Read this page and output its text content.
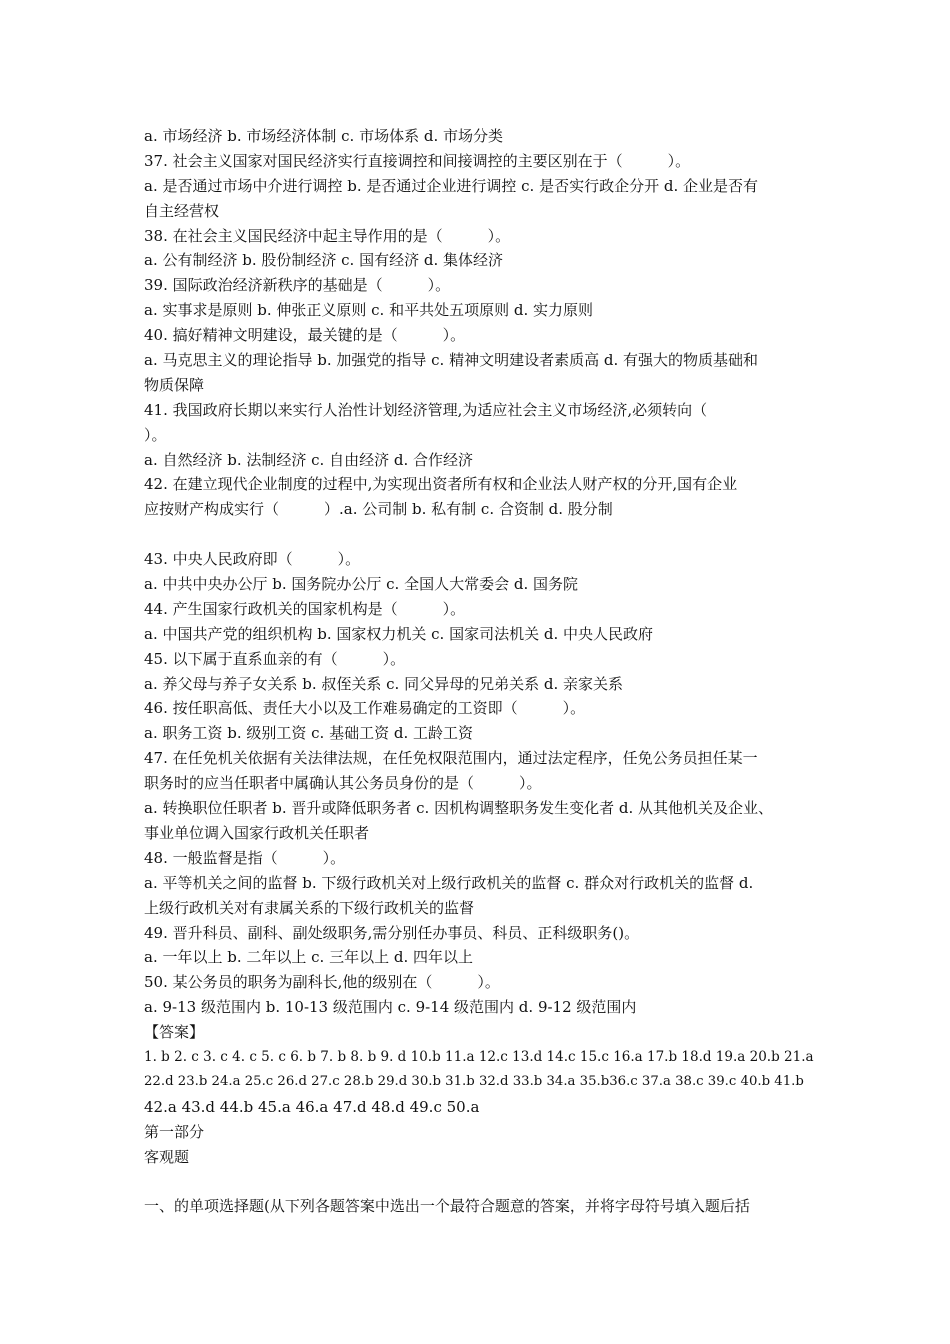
a. 市场经济 b. 市场经济体制 c. 市场体系 d. 市场分类
37. 社会主义国家对国民经济实行直接调控和间接调控的主要区别在于（　　　）。
a. 是否通过市场中介进行调控 b. 是否通过企业进行调控 c. 是否实行政企分开 d. 企业是否有
自主经营权
38. 在社会主义国民经济中起主导作用的是（　　　）。
a. 公有制经济 b. 股份制经济 c. 国有经济 d. 集体经济
39. 国际政治经济新秩序的基础是（　　　）。
a. 实事求是原则 b. 伸张正义原则 c. 和平共处五项原则 d. 实力原则
40. 搞好精神文明建设，最关键的是（　　　）。
a. 马克思主义的理论指导 b. 加强党的指导 c. 精神文明建设者素质高 d. 有强大的物质基础和
物质保障
41. 我国政府长期以来实行人治性计划经济管理,为适应社会主义市场经济,必须转向（
）。
a. 自然经济 b. 法制经济 c. 自由经济 d. 合作经济
42. 在建立现代企业制度的过程中,为实现出资者所有权和企业法人财产权的分开,国有企业
应按财产构成实行（　　　）.a. 公司制 b. 私有制 c. 合资制 d. 股分制
43. 中央人民政府即（　　　）。
a. 中共中央办公厅 b. 国务院办公厅 c. 全国人大常委会 d. 国务院
44. 产生国家行政机关的国家机构是（　　　）。
a. 中国共产党的组织机构 b. 国家权力机关 c. 国家司法机关 d. 中央人民政府
45. 以下属于直系血亲的有（　　　）。
a. 养父母与养子女关系 b. 叔侄关系 c. 同父异母的兄弟关系 d. 亲家关系
46. 按任职高低、责任大小以及工作难易确定的工资即（　　　）。
a. 职务工资 b. 级别工资 c. 基础工资 d. 工龄工资
47. 在任免机关依据有关法律法规，在任免权限范围内，通过法定程序，任免公务员担任某一
职务时的应当任职者中属确认其公务员身份的是（　　　）。
a. 转换职位任职者 b. 晋升或降低职务者 c. 因机构调整职务发生变化者 d. 从其他机关及企业、
事业单位调入国家行政机关任职者
48. 一般监督是指（　　　）。
a. 平等机关之间的监督 b. 下级行政机关对上级行政机关的监督 c. 群众对行政机关的监督 d.
上级行政机关对有隶属关系的下级行政机关的监督
49. 晋升科员、副科、副处级职务,需分别任办事员、科员、正科级职务()。
a. 一年以上 b. 二年以上 c. 三年以上 d. 四年以上
50. 某公务员的职务为副科长,他的级别在（　　　）。
a. 9-13 级范围内 b. 10-13 级范围内 c. 9-14 级范围内 d. 9-12 级范围内
【答案】
1. b 2. c 3. c 4. c 5. c 6. b 7. b 8. b 9. d 10.b 11.a 12.c 13.d 14.c 15.c 16.a 17.b 18.d 19.a 20.b 21.a
22.d 23.b 24.a 25.c 26.d 27.c 28.b 29.d 30.b 31.b 32.d 33.b 34.a 35.b36.c 37.a 38.c 39.c 40.b 41.b
42.a 43.d 44.b 45.a 46.a 47.d 48.d 49.c 50.a
第一部分
客观题
一、的单项选择题(从下列各题答案中选出一个最符合题意的答案，并将字母符号填入题后括
